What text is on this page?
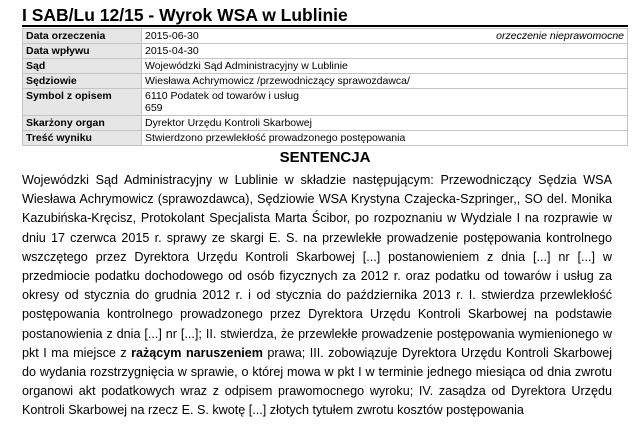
I SAB/Lu 12/15 - Wyrok WSA w Lublinie
Data orzeczenia	2015-06-30 orzeczenie nieprawomocne

Data wpływu	2015-04-30
Sąd	Wojewódzki Sąd Administracyjny w Lublinie
Sędziowie	Wiesława Achrymowicz /przewodniczący sprawozdawca/
Symbol z opisem	6110 Podatek od towarów i usług
659

Skarżony organ	Dyrektor Urzędu Kontroli Skarbowej
Treść wyniku	Stwierdzono przewlekłość prowadzonego postępowania
SENTENCJA
Wojewódzki Sąd Administracyjny w Lublinie w składzie następującym: Przewodniczący Sędzia WSA Wiesława Achrymowicz (sprawozdawca), Sędziowie WSA Krystyna Czajecka-Szpringer,, SO del. Monika Kazubińska-Kręcisz, Protokolant Specjalista Marta Ścibor, po rozpoznaniu w Wydziale I na rozprawie w dniu 17 czerwca 2015 r. sprawy ze skargi E. S. na przewlekłe prowadzenie postępowania kontrolnego wszczętego przez Dyrektora Urzędu Kontroli Skarbowej [...] postanowieniem z dnia [...] nr [...] w przedmiocie podatku dochodowego od osób fizycznych za 2012 r. oraz podatku od towarów i usług za okresy od stycznia do grudnia 2012 r. i od stycznia do października 2013 r. I. stwierdza przewlekłość postępowania kontrolnego prowadzonego przez Dyrektora Urzędu Kontroli Skarbowej na podstawie postanowienia z dnia [...] nr [...]; II. stwierdza, że przewlekłe prowadzenie postępowania wymienionego w pkt I ma miejsce z rażącym naruszeniem prawa; III. zobowiązuje Dyrektora Urzędu Kontroli Skarbowej do wydania rozstrzygnięcia w sprawie, o której mowa w pkt I w terminie jednego miesiąca od dnia zwrotu organowi akt podatkowych wraz z odpisem prawomocnego wyroku; IV. zasądza od Dyrektora Urzędu Kontroli Skarbowej na rzecz E. S. kwotę [...] złotych tytułem zwrotu kosztów postępowania
